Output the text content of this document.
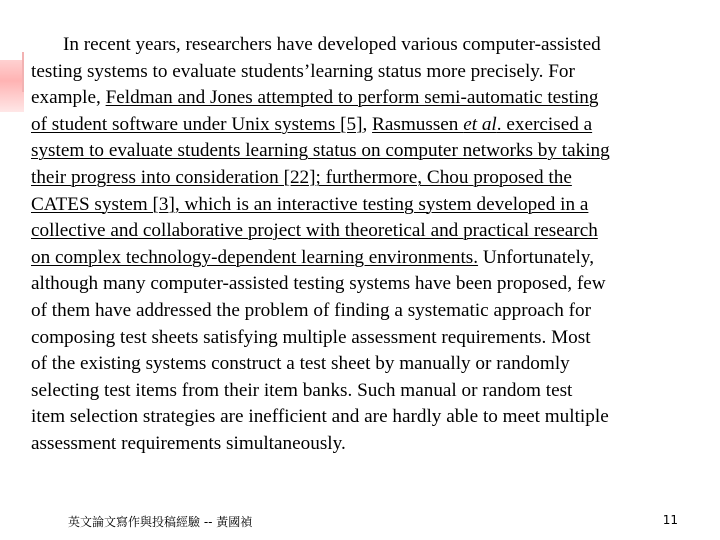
In recent years, researchers have developed various computer-assisted
testing systems to evaluate students’learning status more precisely. For
example, Feldman and Jones attempted to perform semi-automatic testing
of student software under Unix systems [5], Rasmussen et al. exercised a
system to evaluate students learning status on computer networks by taking
their progress into consideration [22]; furthermore, Chou proposed the
CATES system [3], which is an interactive testing system developed in a
collective and collaborative project with theoretical and practical research
on complex technology-dependent learning environments. Unfortunately,
although many computer-assisted testing systems have been proposed, few
of them have addressed the problem of finding a systematic approach for
composing test sheets satisfying multiple assessment requirements. Most
of the existing systems construct a test sheet by manually or randomly
selecting test items from their item banks. Such manual or random test
item selection strategies are inefficient and are hardly able to meet multiple
assessment requirements simultaneously.

英文論文寫作與投稿經驗 -- 黃國禎	11
